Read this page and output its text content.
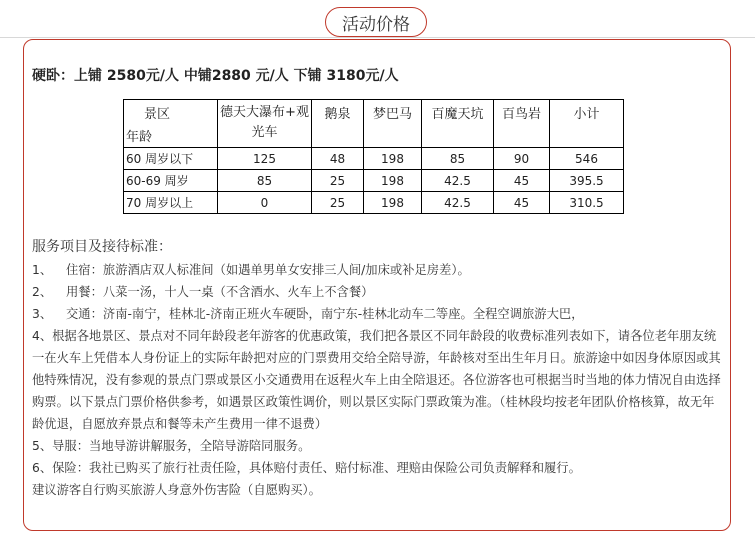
活动价格
硬卧：上铺 2580元/人 中铺2880 元/人 下铺 3180元/人
景区
年龄	德天大瀑布+观光车	鹅泉	梦巴马	百魔天坑	百鸟岩	小计
60 周岁以下	125	48	198	85	90	546
60-69 周岁	85	25	198	42.5	45	395.5
70 周岁以上	0	25	198	42.5	45	310.5
服务项目及接待标准：

1、 住宿：旅游酒店双人标准间（如遇单男单女安排三人间/加床或补足房差）。

2、 用餐：八菜一汤，十人一桌（不含酒水、火车上不含餐）

3、 交通：济南-南宁，桂林北-济南正班火车硬卧，南宁东-桂林北动车二等座。全程空调旅游大巴，

4、根据各地景区、景点对不同年龄段老年游客的优惠政策，我们把各景区不同年龄段的收费标准列表如下，请各位老年朋友统一在火车上凭借本人身份证上的实际年龄把对应的门票费用交给全陪导游，年龄核对至出生年月日。旅游途中如因身体原因或其他特殊情况，没有参观的景点门票或景区小交通费用在返程火车上由全陪退还。各位游客也可根据当时当地的体力情况自由选择购票。以下景点门票价格供参考，如遇景区政策性调价，则以景区实际门票政策为准。（桂林段均按老年团队价格核算，故无年龄优退，自愿放弃景点和餐等未产生费用一律不退费）

5、导服：当地导游讲解服务，全陪导游陪同服务。

6、保险：我社已购买了旅行社责任险，具体赔付责任、赔付标准、理赔由保险公司负责解释和履行。

建议游客自行购买旅游人身意外伤害险（自愿购买）。
